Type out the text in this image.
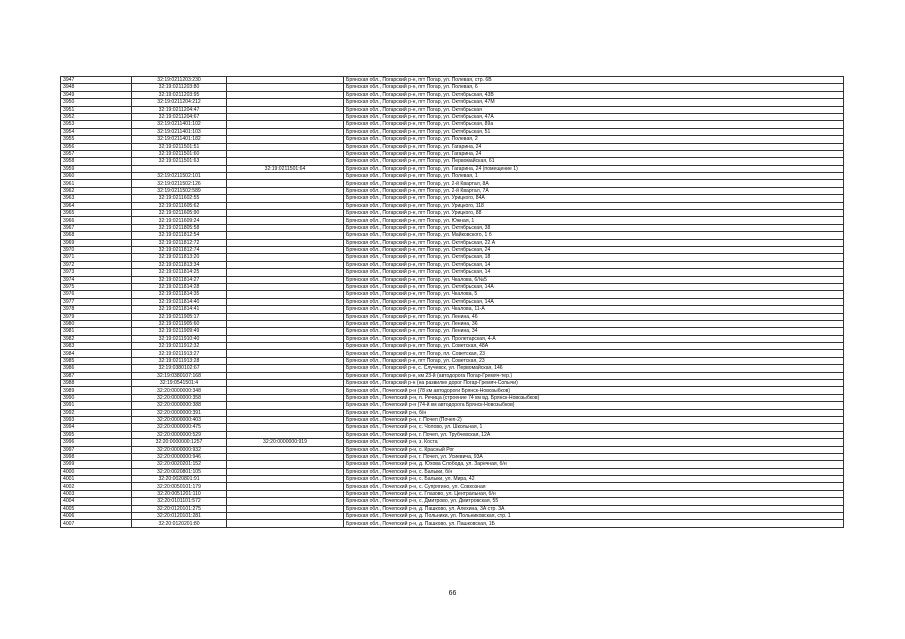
3947	32:19:0211203:230		Брянская обл., Погарский р-н, пгт Погар, ул. Полевая, стр. 6В
3948	32:19:0211203:80		Брянская обл., Погарский р-н, пгт Погар, ул. Полевая, 6
3949	32:19:0211203:95		Брянская обл., Погарский р-н, пгт Погар, ул. Октябрьская, 43В
3950	32:19:0211204:212		Брянская обл., Погарский р-н, пгт Погар, ул. Октябрьская, 47М
3951	32:19:0211204:47		Брянская обл., Погарский р-н, пгт Погар, ул. Октябрьская
3952	32:19:0211204:67		Брянская обл., Погарский р-н, пгт Погар, ул. Октябрьская, 47А
3953	32:19:0211401:102		Брянская обл., Погарский р-н, пгт Погар, ул. Октябрьская, 89а
3954	32:19:0211401:103		Брянская обл., Погарский р-н, пгт Погар, ул. Октябрьская, 51
3955	32:19:0211401:182		Брянская обл., Погарский р-н, пгт Погар, ул. Полевая, 2
3956	32:19:0211501:51		Брянская обл., Погарский р-н, пгт Погар, ул. Гагарина, 24
3957	32:19:0211501:60		Брянская обл., Погарский р-н, пгт Погар, ул. Гагарина, 24
3958	32:19:0211501:63		Брянская обл., Погарский р-н, пгт Погар, ул. Первомайская, 61
3959		32:19:0211501:64	Брянская обл., Погарский р-н, пгт Погар, ул. Гагарина, 24 (помещение 1)
3960	32:19:0211502:101		Брянская обл., Погарский р-н, пгт Погар, ул. Полевая, 1
3961	32:19:0211502:126		Брянская обл., Погарский р-н, пгт Погар, ул. 2-й Квартал, 8А
3962	32:19:0211502:589		Брянская обл., Погарский р-н, пгт Погар, ул. 2-й Квартал, 7А
3963	32:19:0211602:55		Брянская обл., Погарский р-н, пгт Погар, ул. Урицкого, 84А
3964	32:19:0211605:62		Брянская обл., Погарский р-н, пгт Погар, ул. Урицкого, 118
3965	32:19:0211605:90		Брянская обл., Погарский р-н, пгт Погар, ул. Урицкого, 88
3966	32:19:0211609:24		Брянская обл., Погарский р-н, пгт Погар, ул. Южная, 1
3967	32:19:0211805:58		Брянская обл., Погарский р-н, пгт Погар, ул. Октябрьская, 38
3968	32:19:0211812:54		Брянская обл., Погарский р-н, пгт Погар, ул. Майковского, 1 б
3969	32:19:0211812:72		Брянская обл., Погарский р-н, пгт Погар, ул. Октябрьская, 22 А
3970	32:19:0211812:74		Брянская обл., Погарский р-н, пгт Погар, ул. Октябрьская, 24
3971	32:19:0211813:20		Брянская обл., Погарский р-н, пгт Погар, ул. Октябрьская, 18
3972	32:19:0211813:34		Брянская обл., Погарский р-н, пгт Погар, ул. Октябрьская, 14
3973	32:19:0211814:25		Брянская обл., Погарский р-н, пгт Погар, ул. Октябрьская, 14
3974	32:19:0211814:27		Брянская обл., Погарский р-н, пгт Погар, ул. Чкалова, 6/№5
3975	32:19:0211814:28		Брянская обл., Погарский р-н, пгт Погар, ул. Октябрьская, 14А
3976	32:19:0211814:35		Брянская обл., Погарский р-н, пгт Погар, ул. Чкалова, 5
3977	32:19:0211814:40		Брянская обл., Погарский р-н, пгт Погар, ул. Октябрьская, 14А
3978	32:19:0211814:41		Брянская обл., Погарский р-н, пгт Погар, ул. Чкалова, 11-А
3979	32:19:0211905:17		Брянская обл., Погарский р-н, пгт Погар, ул. Ленина, 46
3980	32:19:0211905:60		Брянская обл., Погарский р-н, пгт Погар, ул. Ленина, 36
3981	32:19:0211909:49		Брянская обл., Погарский р-н, пгт Погар, ул. Ленина, 34
3982	32:19:0211910:40		Брянская обл., Погарский р-н, пгт Погар, ул. Пролетарская, 4-А
3983	32:19:0211912:32		Брянская обл., Погарский р-н, пгт Погар, ул. Советская, 48А
3984	32:19:0211913:27		Брянская обл., Погарский р-н, пгт Погар, пл. Советская, 23
3985	32:19:0211913:28		Брянская обл., Погарский р-н, пгт Погар, ул. Советская, 23
3986	32:19:0380102:67		Брянская обл., Погарский р-н, с. Случевск, ул. Первомайская, 146
3987	32:19:0380107:168		Брянская обл., Погарский р-н, км 23-й (автодорога Погар-Гремяч-тер.)
3988	32:19:0541501:4		Брянская обл., Погарский р-н (на развилке дорог Погар-Гремяч-Сопычи)
3989	32:20:0000000:348		Брянская обл., Почепский р-н (78 км автодороги Брянск-Новозыбков)
3990	32:20:0000000:358		Брянская обл., Почепский р-н, п. Речица (строение 74 км вд. Брянск-Новозыбков)
3991	32:20:0000000:388		Брянская обл., Почепский р-н (74-й км автодорога Брянск-Новозыбков)
3992	32:20:0000000:391		Брянская обл., Почепский р-н, б/н
3993	32:20:0000000:403		Брянская обл., Почепский р-н, г. Почеп (Почеп-2)
3994	32:20:0000000:475		Брянская обл., Почепский р-н, с. Чолово, ул. Школьная, 1
3995	32:20:0000000:529		Брянская обл., Почепский р-н, г. Почеп, ул. Трубчевская, 12А
3996	32:20:0000000:1257	32:20:0000000:919	Брянская обл., Почепский р-н, з. Коста
3997	32:20:0000000:932		Брянская обл., Почепский р-н, с. Красный Рог
3998	32:20:0000000:946		Брянская обл., Почепский р-н, г. Почеп, ул. Усиевича, 93А
3999	32:20:0020201:152		Брянская обл., Почепский р-н, д. Юхова Слобода, ул. Заречная, б/н
4000	32:20:0020801:105		Брянская обл., Почепский р-н, с. Балыки, б/н
4001	32:20:0020801:91		Брянская обл., Почепский р-н, с. Балыки, ул. Мира, 42
4002	32:20:0050101:179		Брянская обл., Почепский р-н, с. Супрягино, ул. Совхозная
4003	32:20:0051201:110		Брянская обл., Почепский р-н, с. Глазово, ул. Центральная, б/н
4004	32:20:0101101:572		Брянская обл., Почепский р-н, с. Дмитрово, ул. Дмитровская, 55
4005	32:20:0120101:275		Брянская обл., Почепский р-н, д. Пашково, ул. Алехина, 3А стр. 3А
4006	32:20:0120101:281		Брянская обл., Почепский р-н, д. Польники, ул. Польниковская, стр. 1
4007	32:20:0120201:80		Брянская обл., Почепский р-н, д. Пашково, ул. Пашковская, 1Б
66
